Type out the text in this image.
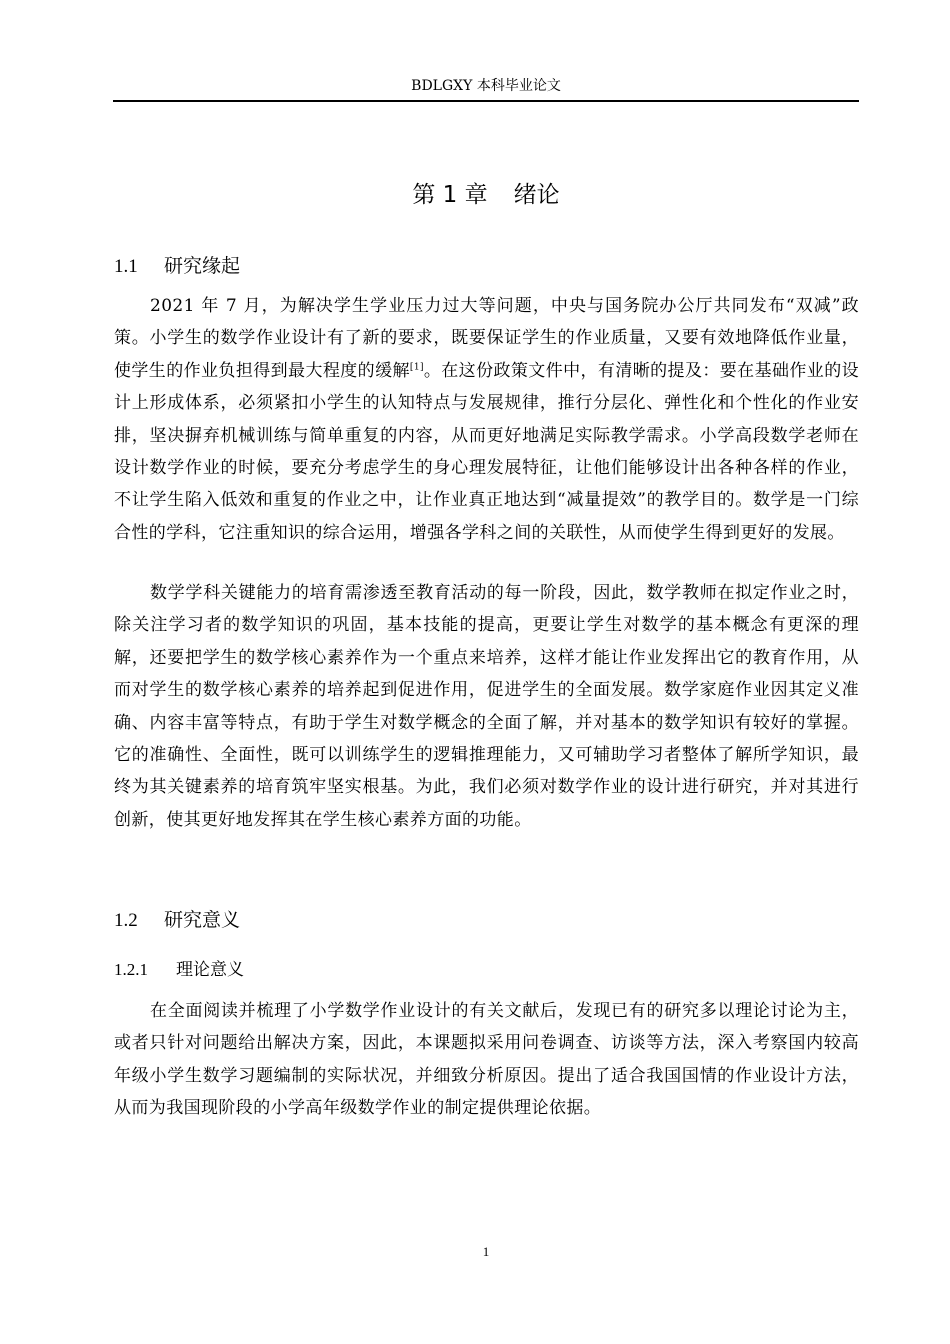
BDLGXY 本科毕业论文
第 1 章 绪论
1.1 研究缘起

2021 年 7 月，为解决学生学业压力过大等问题，中央与国务院办公厅共同发布“双减”政策。小学生的数学作业设计有了新的要求，既要保证学生的作业质量，又要有效地降低作业量，使学生的作业负担得到最大程度的缓解[1]。在这份政策文件中，有清晰的提及：要在基础作业的设计上形成体系，必须紧扣小学生的认知特点与发展规律，推行分层化、弹性化和个性化的作业安排，坚决摒弃机械训练与简单重复的内容，从而更好地满足实际教学需求。小学高段数学老师在设计数学作业的时候，要充分考虑学生的身心理发展特征，让他们能够设计出各种各样的作业，不让学生陷入低效和重复的作业之中，让作业真正地达到“减量提效”的教学目的。数学是一门综合性的学科，它注重知识的综合运用，增强各学科之间的关联性，从而使学生得到更好的发展。

数学学科关键能力的培育需渗透至教育活动的每一阶段，因此，数学教师在拟定作业之时，除关注学习者的数学知识的巩固，基本技能的提高，更要让学生对数学的基本概念有更深的理解，还要把学生的数学核心素养作为一个重点来培养，这样才能让作业发挥出它的教育作用，从而对学生的数学核心素养的培养起到促进作用，促进学生的全面发展。数学家庭作业因其定义准确、内容丰富等特点，有助于学生对数学概念的全面了解，并对基本的数学知识有较好的掌握。它的准确性、全面性，既可以训练学生的逻辑推理能力，又可辅助学习者整体了解所学知识，最终为其关键素养的培育筑牢坚实根基。为此，我们必须对数学作业的设计进行研究，并对其进行创新，使其更好地发挥其在学生核心素养方面的功能。

1.2 研究意义
1.2.1 理论意义

在全面阅读并梳理了小学数学作业设计的有关文献后，发现已有的研究多以理论讨论为主，或者只针对问题给出解决方案，因此，本课题拟采用问卷调查、访谈等方法，深入考察国内较高年级小学生数学习题编制的实际状况，并细致分析原因。提出了适合我国国情的作业设计方法，从而为我国现阶段的小学高年级数学作业的制定提供理论依据。

1
